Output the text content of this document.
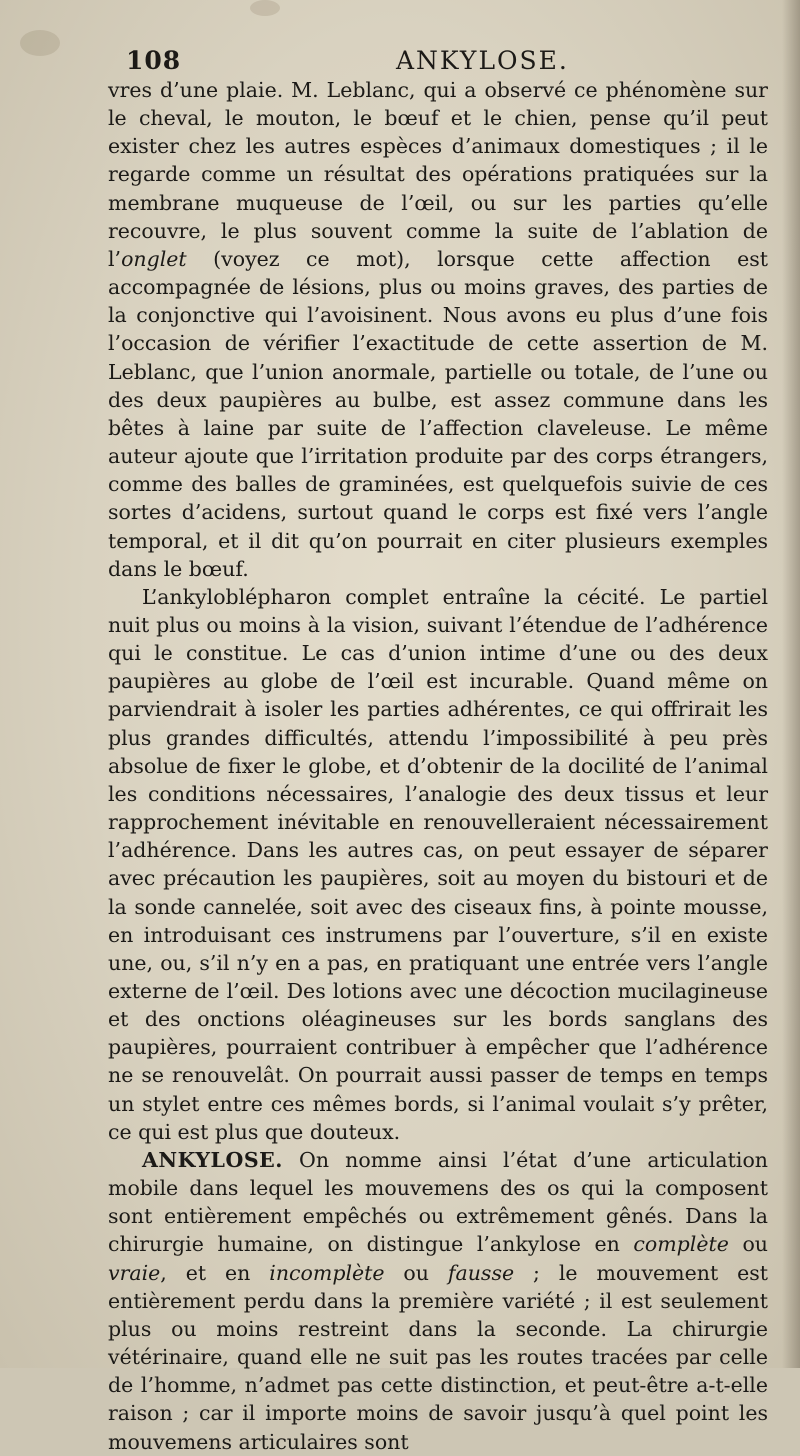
108	ANKYLOSE.

vres d’une plaie. M. Leblanc, qui a observé ce phénomène sur le cheval, le mouton, le bœuf et le chien, pense qu’il peut exister chez les autres espèces d’animaux domestiques ; il le regarde comme un résultat des opérations pratiquées sur la membrane muqueuse de l’œil, ou sur les parties qu’elle recouvre, le plus souvent comme la suite de l’ablation de l’onglet (voyez ce mot), lorsque cette affection est accompagnée de lésions, plus ou moins graves, des parties de la conjonctive qui l’avoisinent. Nous avons eu plus d’une fois l’occasion de vérifier l’exactitude de cette assertion de M. Leblanc, que l’union anormale, partielle ou totale, de l’une ou des deux paupières au bulbe, est assez commune dans les bêtes à laine par suite de l’affection claveleuse. Le même auteur ajoute que l’irritation produite par des corps étrangers, comme des balles de graminées, est quelquefois suivie de ces sortes d’acidens, surtout quand le corps est fixé vers l’angle temporal, et il dit qu’on pourrait en citer plusieurs exemples dans le bœuf.

L’ankyloblépharon complet entraîne la cécité. Le partiel nuit plus ou moins à la vision, suivant l’étendue de l’adhérence qui le constitue. Le cas d’union intime d’une ou des deux paupières au globe de l’œil est incurable. Quand même on parviendrait à isoler les parties adhérentes, ce qui offrirait les plus grandes difficultés, attendu l’impossibilité à peu près absolue de fixer le globe, et d’obtenir de la docilité de l’animal les conditions nécessaires, l’analogie des deux tissus et leur rapprochement inévitable en renouvelleraient nécessairement l’adhérence. Dans les autres cas, on peut essayer de séparer avec précaution les paupières, soit au moyen du bistouri et de la sonde cannelée, soit avec des ciseaux fins, à pointe mousse, en introduisant ces instrumens par l’ouverture, s’il en existe une, ou, s’il n’y en a pas, en pratiquant une entrée vers l’angle externe de l’œil. Des lotions avec une décoction mucilagineuse et des onctions oléagineuses sur les bords sanglans des paupières, pourraient contribuer à empêcher que l’adhérence ne se renouvelât. On pourrait aussi passer de temps en temps un stylet entre ces mêmes bords, si l’animal voulait s’y prêter, ce qui est plus que douteux.

ANKYLOSE. On nomme ainsi l’état d’une articulation mobile dans lequel les mouvemens des os qui la composent sont entièrement empêchés ou extrêmement gênés. Dans la chirurgie humaine, on distingue l’ankylose en complète ou vraie, et en incomplète ou fausse ; le mouvement est entièrement perdu dans la première variété ; il est seulement plus ou moins restreint dans la seconde. La chirurgie vétérinaire, quand elle ne suit pas les routes tracées par celle de l’homme, n’admet pas cette distinction, et peut-être a-t-elle raison ; car il importe moins de savoir jusqu’à quel point les mouvemens articulaires sont
